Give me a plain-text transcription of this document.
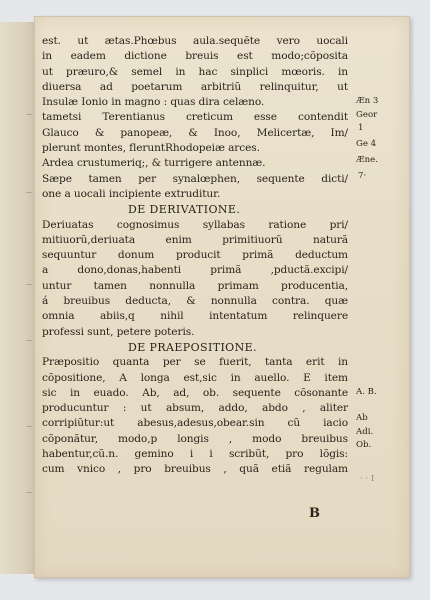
est. ut ætas.Phœbus aula.sequẽte vero uocali
in eadem dictione breuis est modo;cõposita
ut præuro,& semel in hac sinplici mœoris. in
diuersa ad poetarum arbitriũ relinquitur, ut
Insulæ Ionio in magno : quas dira celæno.
tametsi Terentianus creticum esse contendit
Glauco & panopeæ, & Inoo, Melicertæ, Im/
plerunt montes, fleruntRhodopeiæ arces.
Ardea crustumeriq;, & turrigere antennæ.
Sæpe tamen per synalœphen, sequente dicti/
one a uocali incipiente extruditur.
DE DERIVATIONE.
Deriuatas cognosimus syllabas ratione pri/
mitiuorũ,deriuata enim primitiuorũ naturã
sequuntur donum producit primã deductum
a dono,donas,habenti primã ,pductã.excipi/
untur tamen nonnulla primam producentia,
á breuibus deducta, & nonnulla contra. quæ
omnia abiis,q nihil intentatum relinquere
professi sunt, petere poteris.
DE PRAEPOSITIONE.
Præpositio quanta per se fuerit, tanta erit in
cõpositione, A longa est,sic in auello. E item
sic in euado. Ab, ad, ob. sequente cõsonante
producuntur : ut absum, addo, abdo , aliter
corripiũtur:ut abesus,adesus,obear.sin cũ iacio
cõponãtur, modo,p longis , modo breuibus
habentur,cũ.n. gemino i i scribũt, pro lõgis:
cum vnico , pro breuibus , quã etiã regulam
Æn 3
Geor
1
Ge 4
Æne.
7·
A. B.
Ab
Adi.
Ob.
· · I
B
